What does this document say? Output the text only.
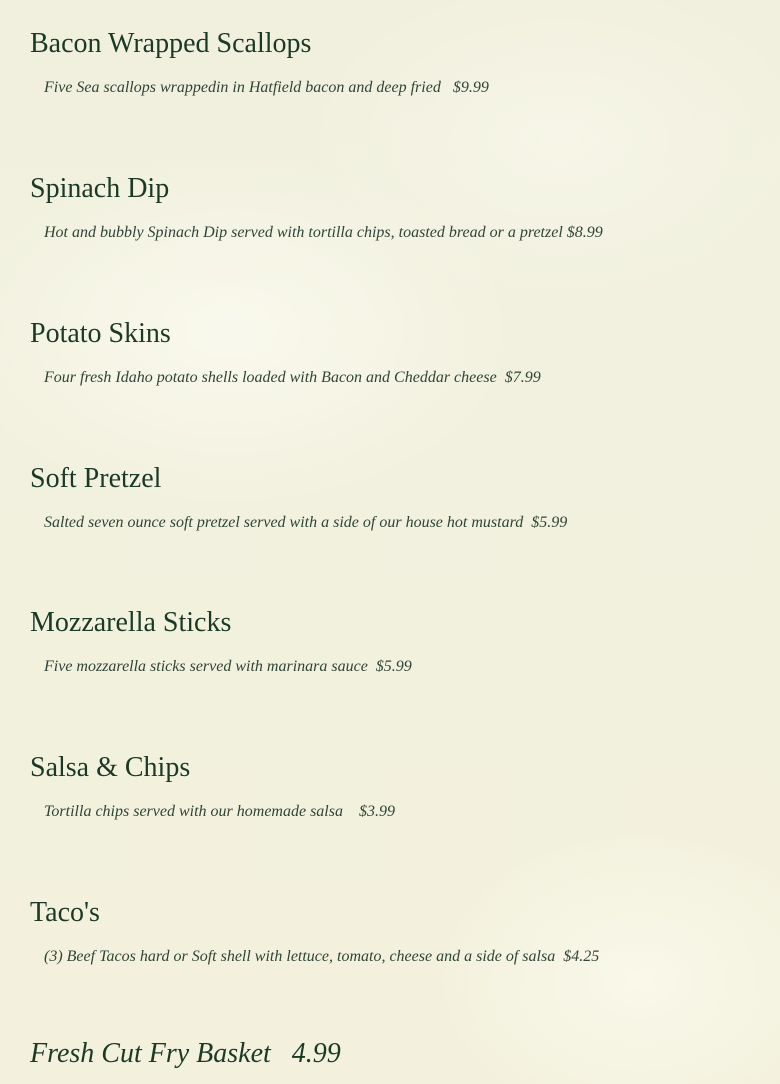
Bacon Wrapped Scallops
Five Sea scallops wrappedin in Hatfield bacon and deep fried   $9.99
Spinach Dip
Hot and bubbly Spinach Dip served with tortilla chips, toasted bread or a pretzel $8.99
Potato Skins
Four fresh Idaho potato shells loaded with Bacon and Cheddar cheese  $7.99
Soft Pretzel
Salted seven ounce soft pretzel served with a side of our house hot mustard  $5.99
Mozzarella Sticks
Five mozzarella sticks served with marinara sauce  $5.99
Salsa & Chips
Tortilla chips served with our homemade salsa    $3.99
Taco's
(3) Beef Tacos hard or Soft shell with lettuce, tomato, cheese and a side of salsa  $4.25
Fresh Cut Fry Basket   4.99
